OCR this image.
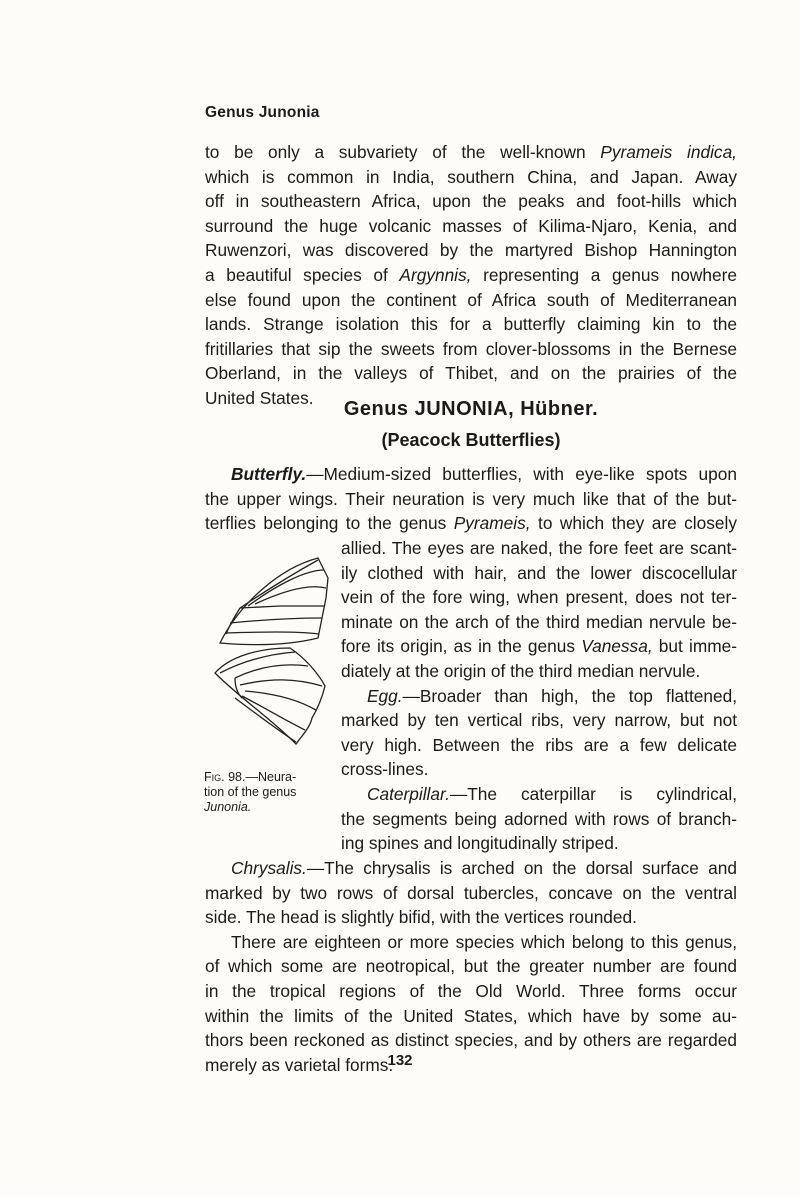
Genus Junonia
to be only a subvariety of the well-known Pyrameis indica,
which is common in India, southern China, and Japan. Away
off in southeastern Africa, upon the peaks and foot-hills which
surround the huge volcanic masses of Kilima-Njaro, Kenia, and
Ruwenzori, was discovered by the martyred Bishop Hannington
a beautiful species of Argynnis, representing a genus nowhere
else found upon the continent of Africa south of Mediterranean
lands. Strange isolation this for a butterfly claiming kin to the
fritillaries that sip the sweets from clover-blossoms in the Bernese
Oberland, in the valleys of Thibet, and on the prairies of the
United States.
Genus JUNONIA, Hübner.
(Peacock Butterflies)
Butterfly.—Medium-sized butterflies, with eye-like spots upon
the upper wings. Their neuration is very much like that of the but-
terflies belonging to the genus Pyrameis, to which they are closely
allied. The eyes are naked, the fore feet are scant-
ily clothed with hair, and the lower discocellular
vein of the fore wing, when present, does not ter-
minate on the arch of the third median nervule be-
fore its origin, as in the genus Vanessa, but imme-
diately at the origin of the third median nervule.
Egg.—Broader than high, the top flattened,
marked by ten vertical ribs, very narrow, but not
very high. Between the ribs are a few delicate
cross-lines.
Caterpillar.—The caterpillar is cylindrical,
the segments being adorned with rows of branch-
ing spines and longitudinally striped.
Fig. 98.—Neura-
tion of the genus
Junonia.
Chrysalis.—The chrysalis is arched on the dorsal surface and
marked by two rows of dorsal tubercles, concave on the ventral
side. The head is slightly bifid, with the vertices rounded.
There are eighteen or more species which belong to this genus,
of which some are neotropical, but the greater number are found
in the tropical regions of the Old World. Three forms occur
within the limits of the United States, which have by some au-
thors been reckoned as distinct species, and by others are regarded
merely as varietal forms.
132
